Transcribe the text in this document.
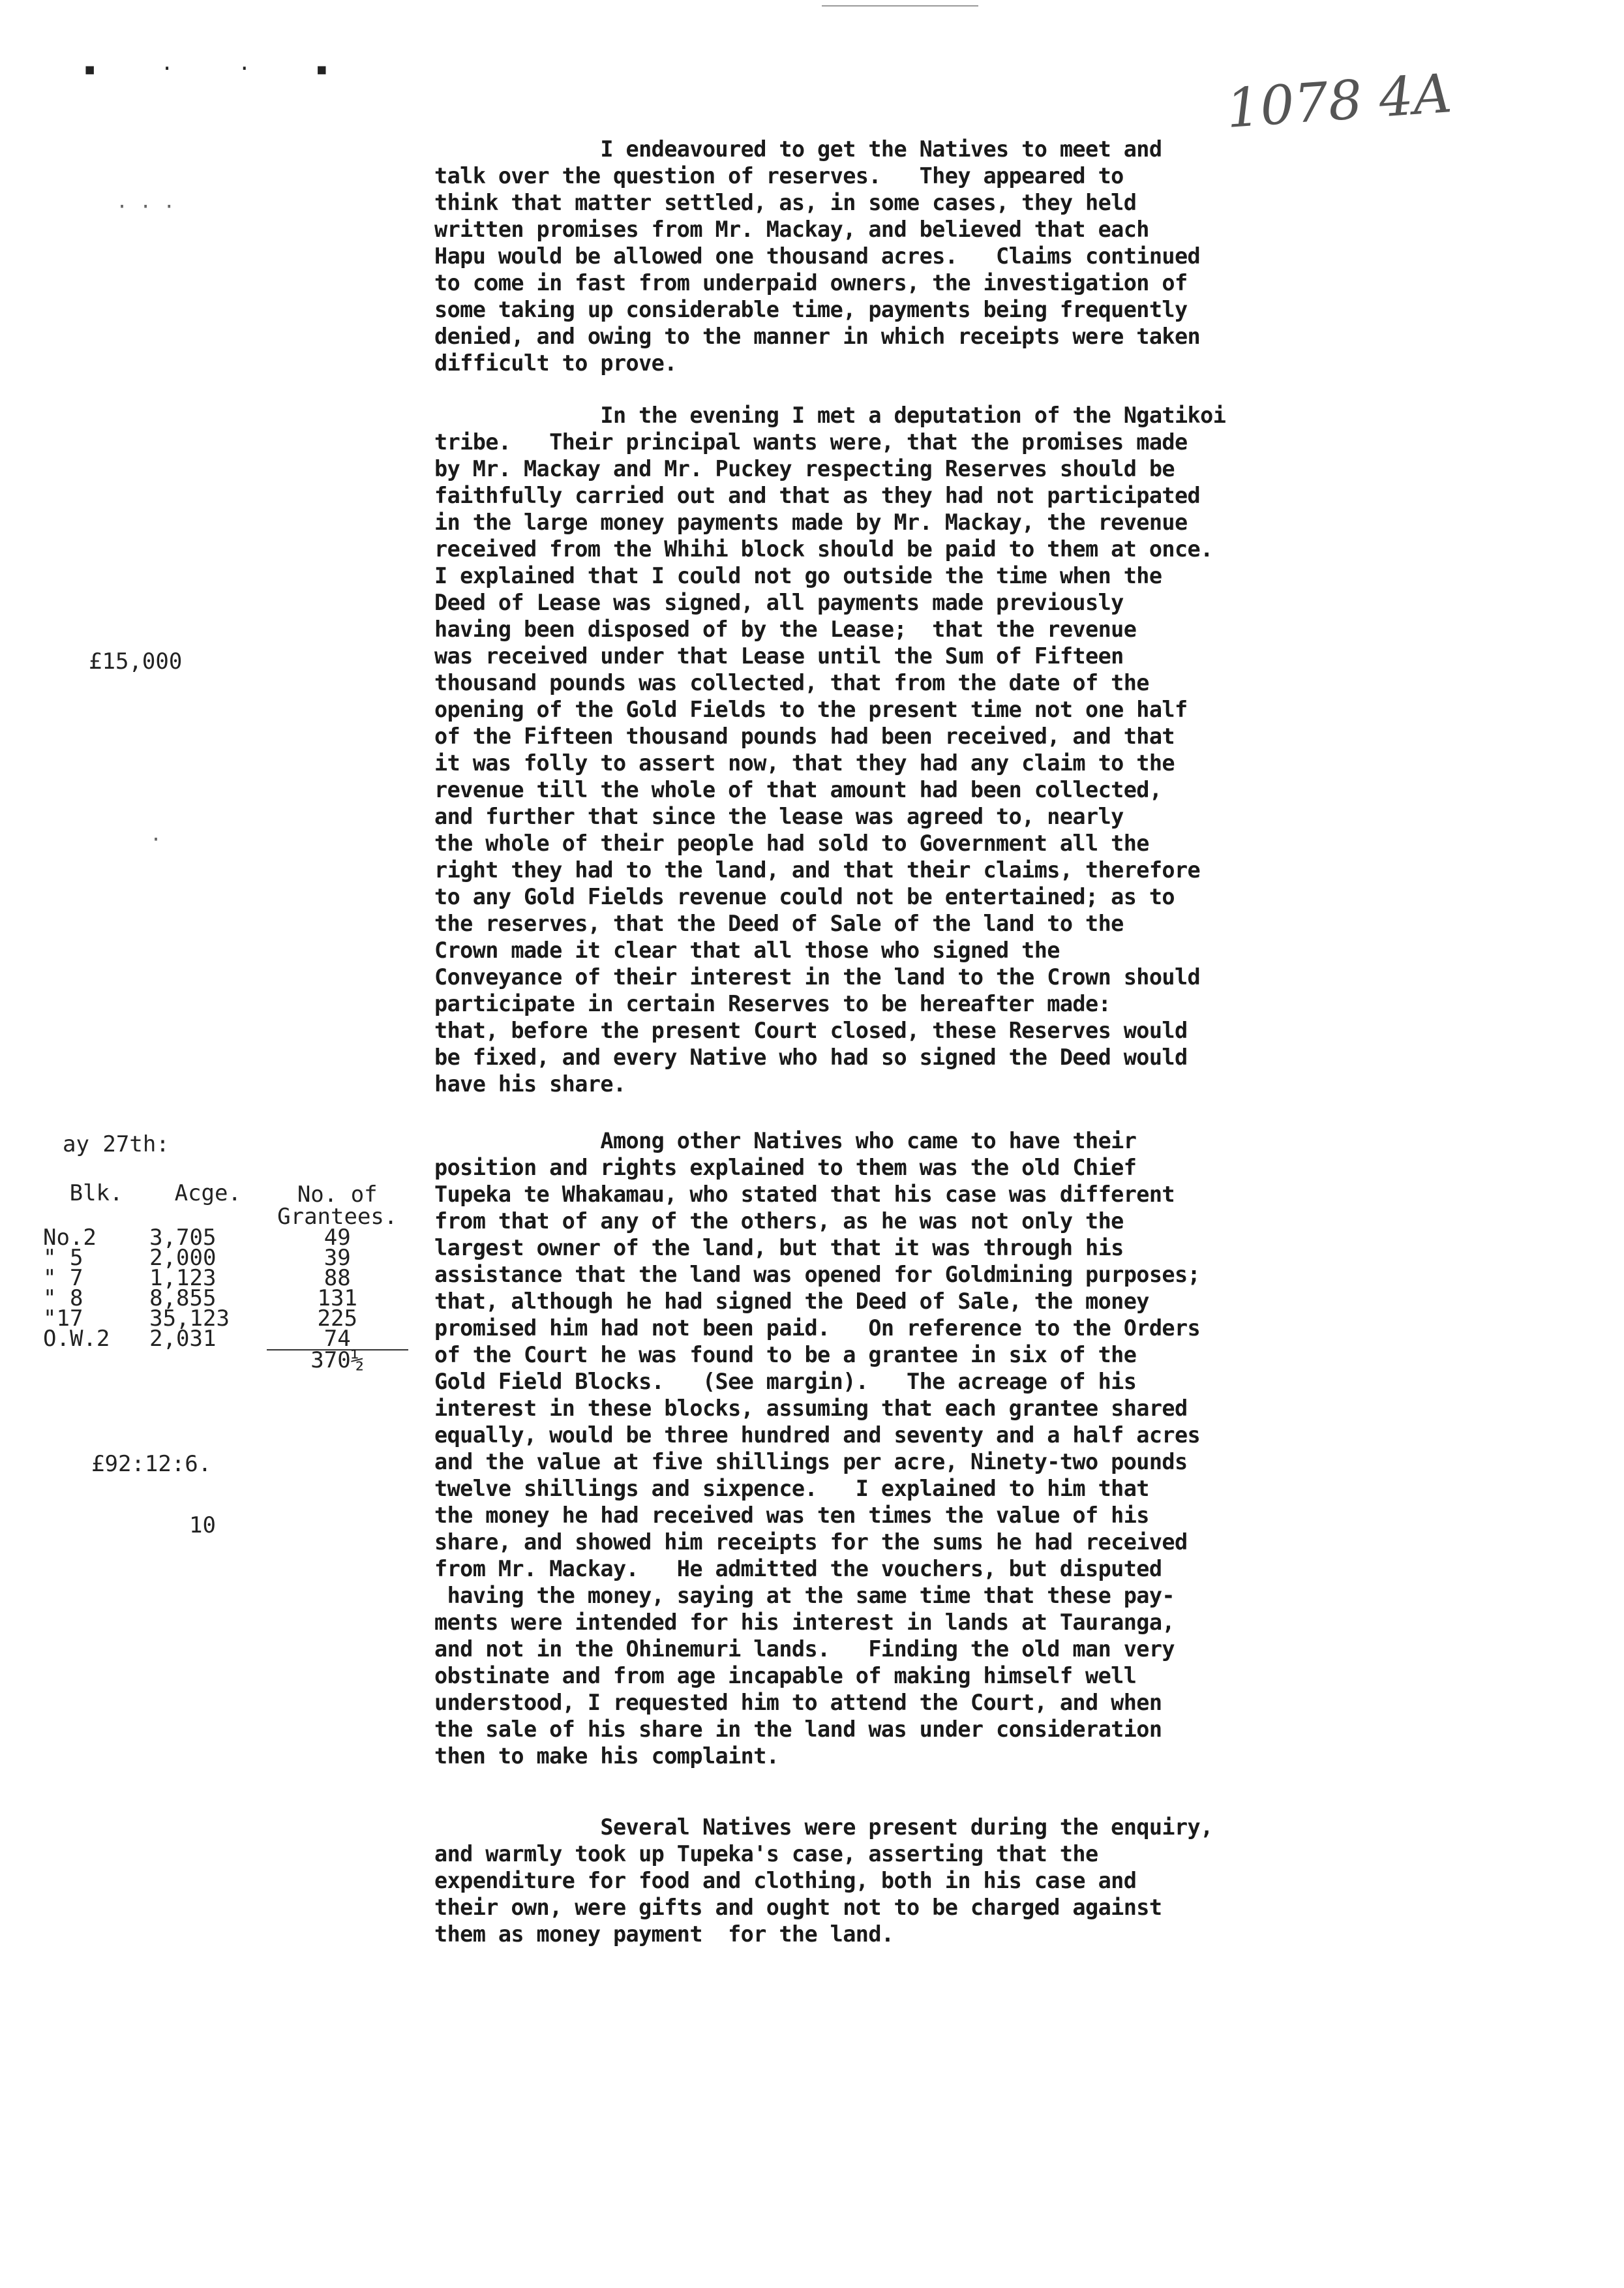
▪ · · ▪
· · ·
·
1078 4A
I endeavoured to get the Natives to meet and
talk over the question of reserves.   They appeared to
think that matter settled, as, in some cases, they held
written promises from Mr. Mackay, and believed that each
Hapu would be allowed one thousand acres.   Claims continued
to come in fast from underpaid owners, the investigation of
some taking up considerable time, payments being frequently
denied, and owing to the manner in which receipts were taken
difficult to prove.
In the evening I met a deputation of the Ngatikoi
tribe.   Their principal wants were, that the promises made
by Mr. Mackay and Mr. Puckey respecting Reserves should be
faithfully carried out and that as they had not participated
in the large money payments made by Mr. Mackay, the revenue
received from the Whihi block should be paid to them at once.
I explained that I could not go outside the time when the
Deed of Lease was signed, all payments made previously
having been disposed of by the Lease;  that the revenue
was received under that Lease until the Sum of Fifteen
thousand pounds was collected, that from the date of the
opening of the Gold Fields to the present time not one half
of the Fifteen thousand pounds had been received, and that
it was folly to assert now, that they had any claim to the
revenue till the whole of that amount had been collected,
and further that since the lease was agreed to, nearly
the whole of their people had sold to Government all the
right they had to the land, and that their claims, therefore
to any Gold Fields revenue could not be entertained; as to
the reserves, that the Deed of Sale of the land to the
Crown made it clear that all those who signed the
Conveyance of their interest in the land to the Crown should
participate in certain Reserves to be hereafter made:
that, before the present Court closed, these Reserves would
be fixed, and every Native who had so signed the Deed would
have his share.
Among other Natives who came to have their
position and rights explained to them was the old Chief
Tupeka te Whakamau, who stated that his case was different
from that of any of the others, as he was not only the
largest owner of the land, but that it was through his
assistance that the land was opened for Goldmining purposes;
that, although he had signed the Deed of Sale, the money
promised him had not been paid.   On reference to the Orders
of the Court he was found to be a grantee in six of the
Gold Field Blocks.   (See margin).   The acreage of his
interest in these blocks, assuming that each grantee shared
equally, would be three hundred and seventy and a half acres
and the value at five shillings per acre, Ninety-two pounds
twelve shillings and sixpence.   I explained to him that
the money he had received was ten times the value of his
share, and showed him receipts for the sums he had received
from Mr. Mackay.   He admitted the vouchers, but disputed
having the money, saying at the same time that these pay-
ments were intended for his interest in lands at Tauranga,
and not in the Ohinemuri lands.   Finding the old man very
obstinate and from age incapable of making himself well
understood, I requested him to attend the Court, and when
the sale of his share in the land was under consideration
then to make his complaint.
Several Natives were present during the enquiry,
and warmly took up Tupeka's case, asserting that the
expenditure for food and clothing, both in his case and
their own, were gifts and ought not to be charged against
them as money payment  for the land.
£15,000
ay 27th:
Blk.	Acge.	No. of Grantees.
No.2	3,705	49
" 5	2,000	39
" 7	1,123	88
" 8	8,855	131
"17	35,123	225
O.W.2	2,031	74
		370½
£92:12:6.
10
